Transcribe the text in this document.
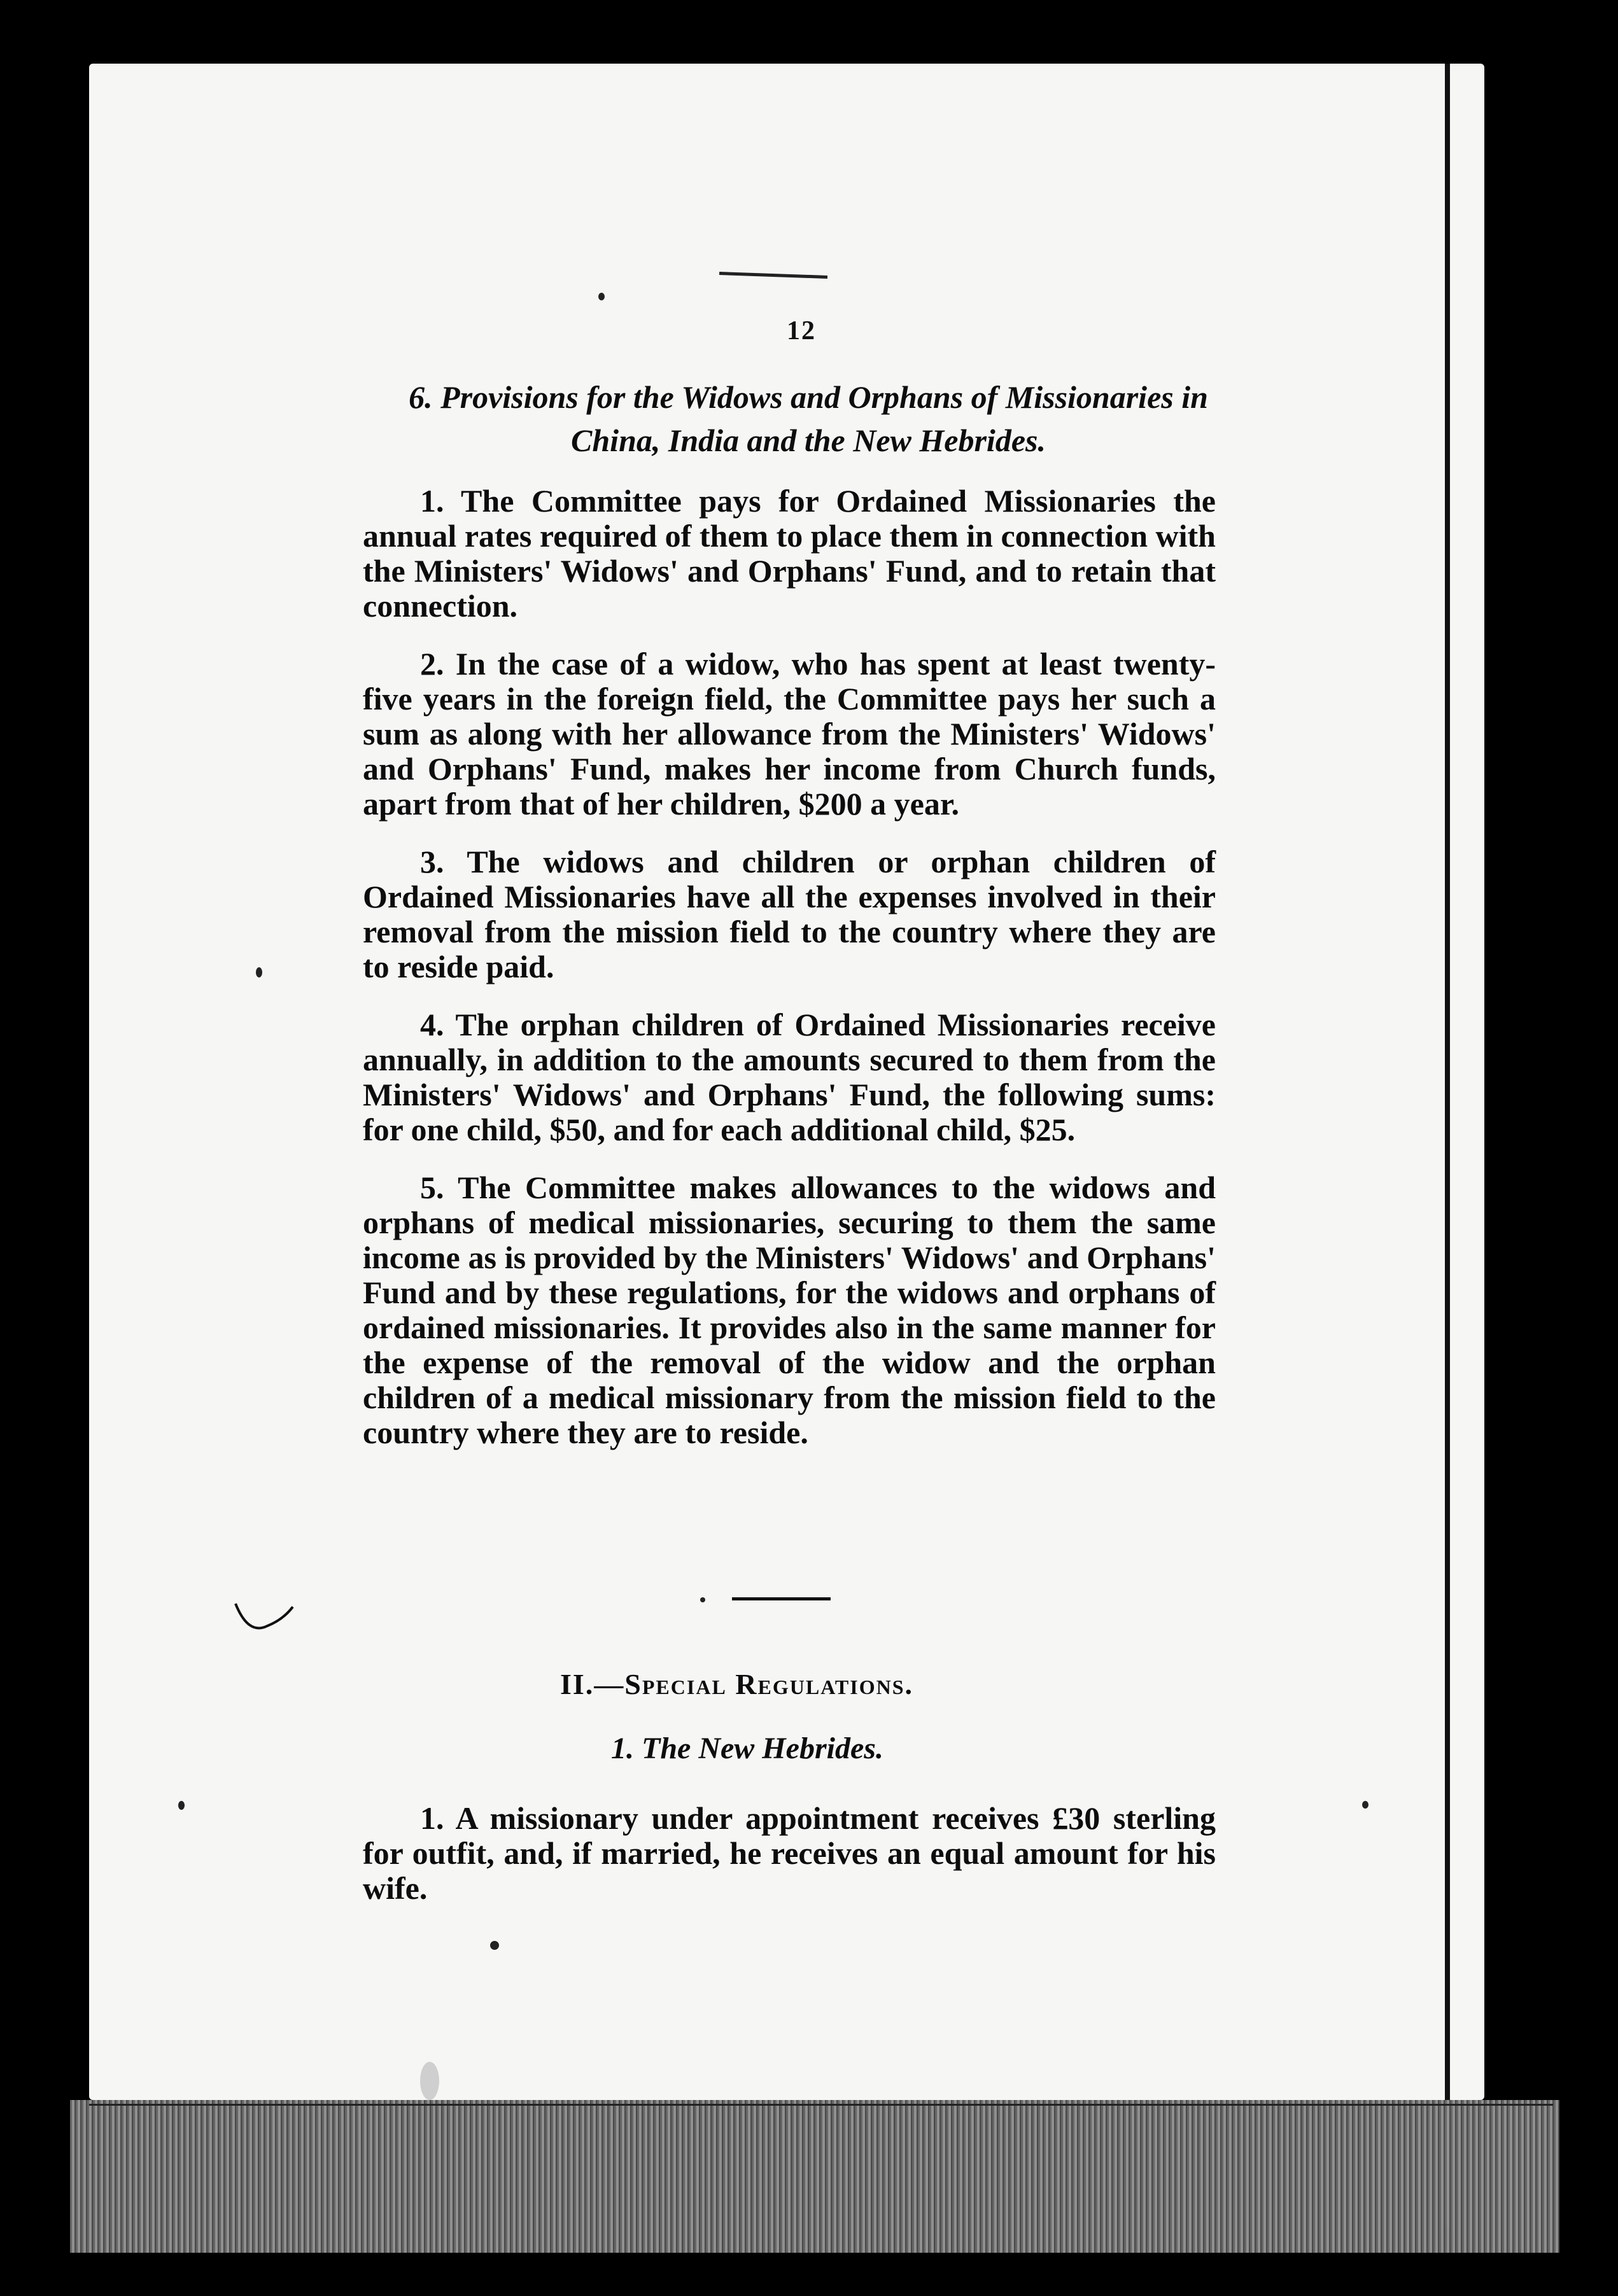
12
6. Provisions for the Widows and Orphans of Missionaries in China, India and the New Hebrides.

1. The Committee pays for Ordained Missionaries the annual rates required of them to place them in connection with the Ministers' Widows' and Orphans' Fund, and to retain that connection.

2. In the case of a widow, who has spent at least twenty-five years in the foreign field, the Committee pays her such a sum as along with her allowance from the Ministers' Widows' and Orphans' Fund, makes her income from Church funds, apart from that of her children, $200 a year.

3. The widows and children or orphan children of Ordained Missionaries have all the expenses involved in their removal from the mission field to the country where they are to reside paid.

4. The orphan children of Ordained Missionaries receive annually, in addition to the amounts secured to them from the Ministers' Widows' and Orphans' Fund, the following sums: for one child, $50, and for each additional child, $25.

5. The Committee makes allowances to the widows and orphans of medical missionaries, securing to them the same income as is provided by the Ministers' Widows' and Orphans' Fund and by these regulations, for the widows and orphans of ordained missionaries. It provides also in the same manner for the expense of the removal of the widow and the orphan children of a medical missionary from the mission field to the country where they are to reside.

II.—Special Regulations.
1. The New Hebrides.

1. A missionary under appointment receives £30 sterling for outfit, and, if married, he receives an equal amount for his wife.
